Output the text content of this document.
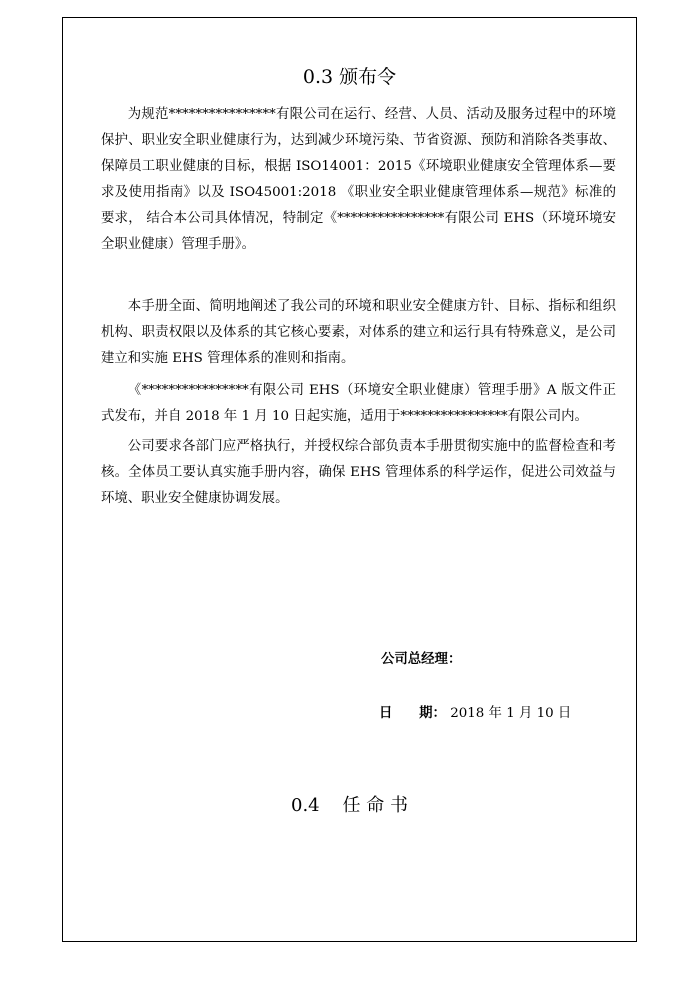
0.3 颁布令

为规范****************有限公司在运行、经营、人员、活动及服务过程中的环境保护、职业安全职业健康行为，达到减少环境污染、节省资源、预防和消除各类事故、保障员工职业健康的目标，根据 ISO14001：2015《环境职业健康安全管理体系—要求及使用指南》以及 ISO45001:2018 《职业安全职业健康管理体系—规范》标准的要求， 结合本公司具体情况，特制定《****************有限公司 EHS（环境环境安全职业健康）管理手册》。

本手册全面、简明地阐述了我公司的环境和职业安全健康方针、目标、指标和组织机构、职责权限以及体系的其它核心要素，对体系的建立和运行具有特殊意义，是公司建立和实施 EHS 管理体系的准则和指南。

《****************有限公司 EHS（环境安全职业健康）管理手册》A 版文件正式发布，并自 2018 年 1 月 10 日起实施，适用于****************有限公司内。

公司要求各部门应严格执行，并授权综合部负责本手册贯彻实施中的监督检查和考核。全体员工要认真实施手册内容，确保 EHS 管理体系的科学运作，促进公司效益与环境、职业安全健康协调发展。

公司总经理：
日　　期： 2018 年 1 月 10 日
0.4 任 命 书
